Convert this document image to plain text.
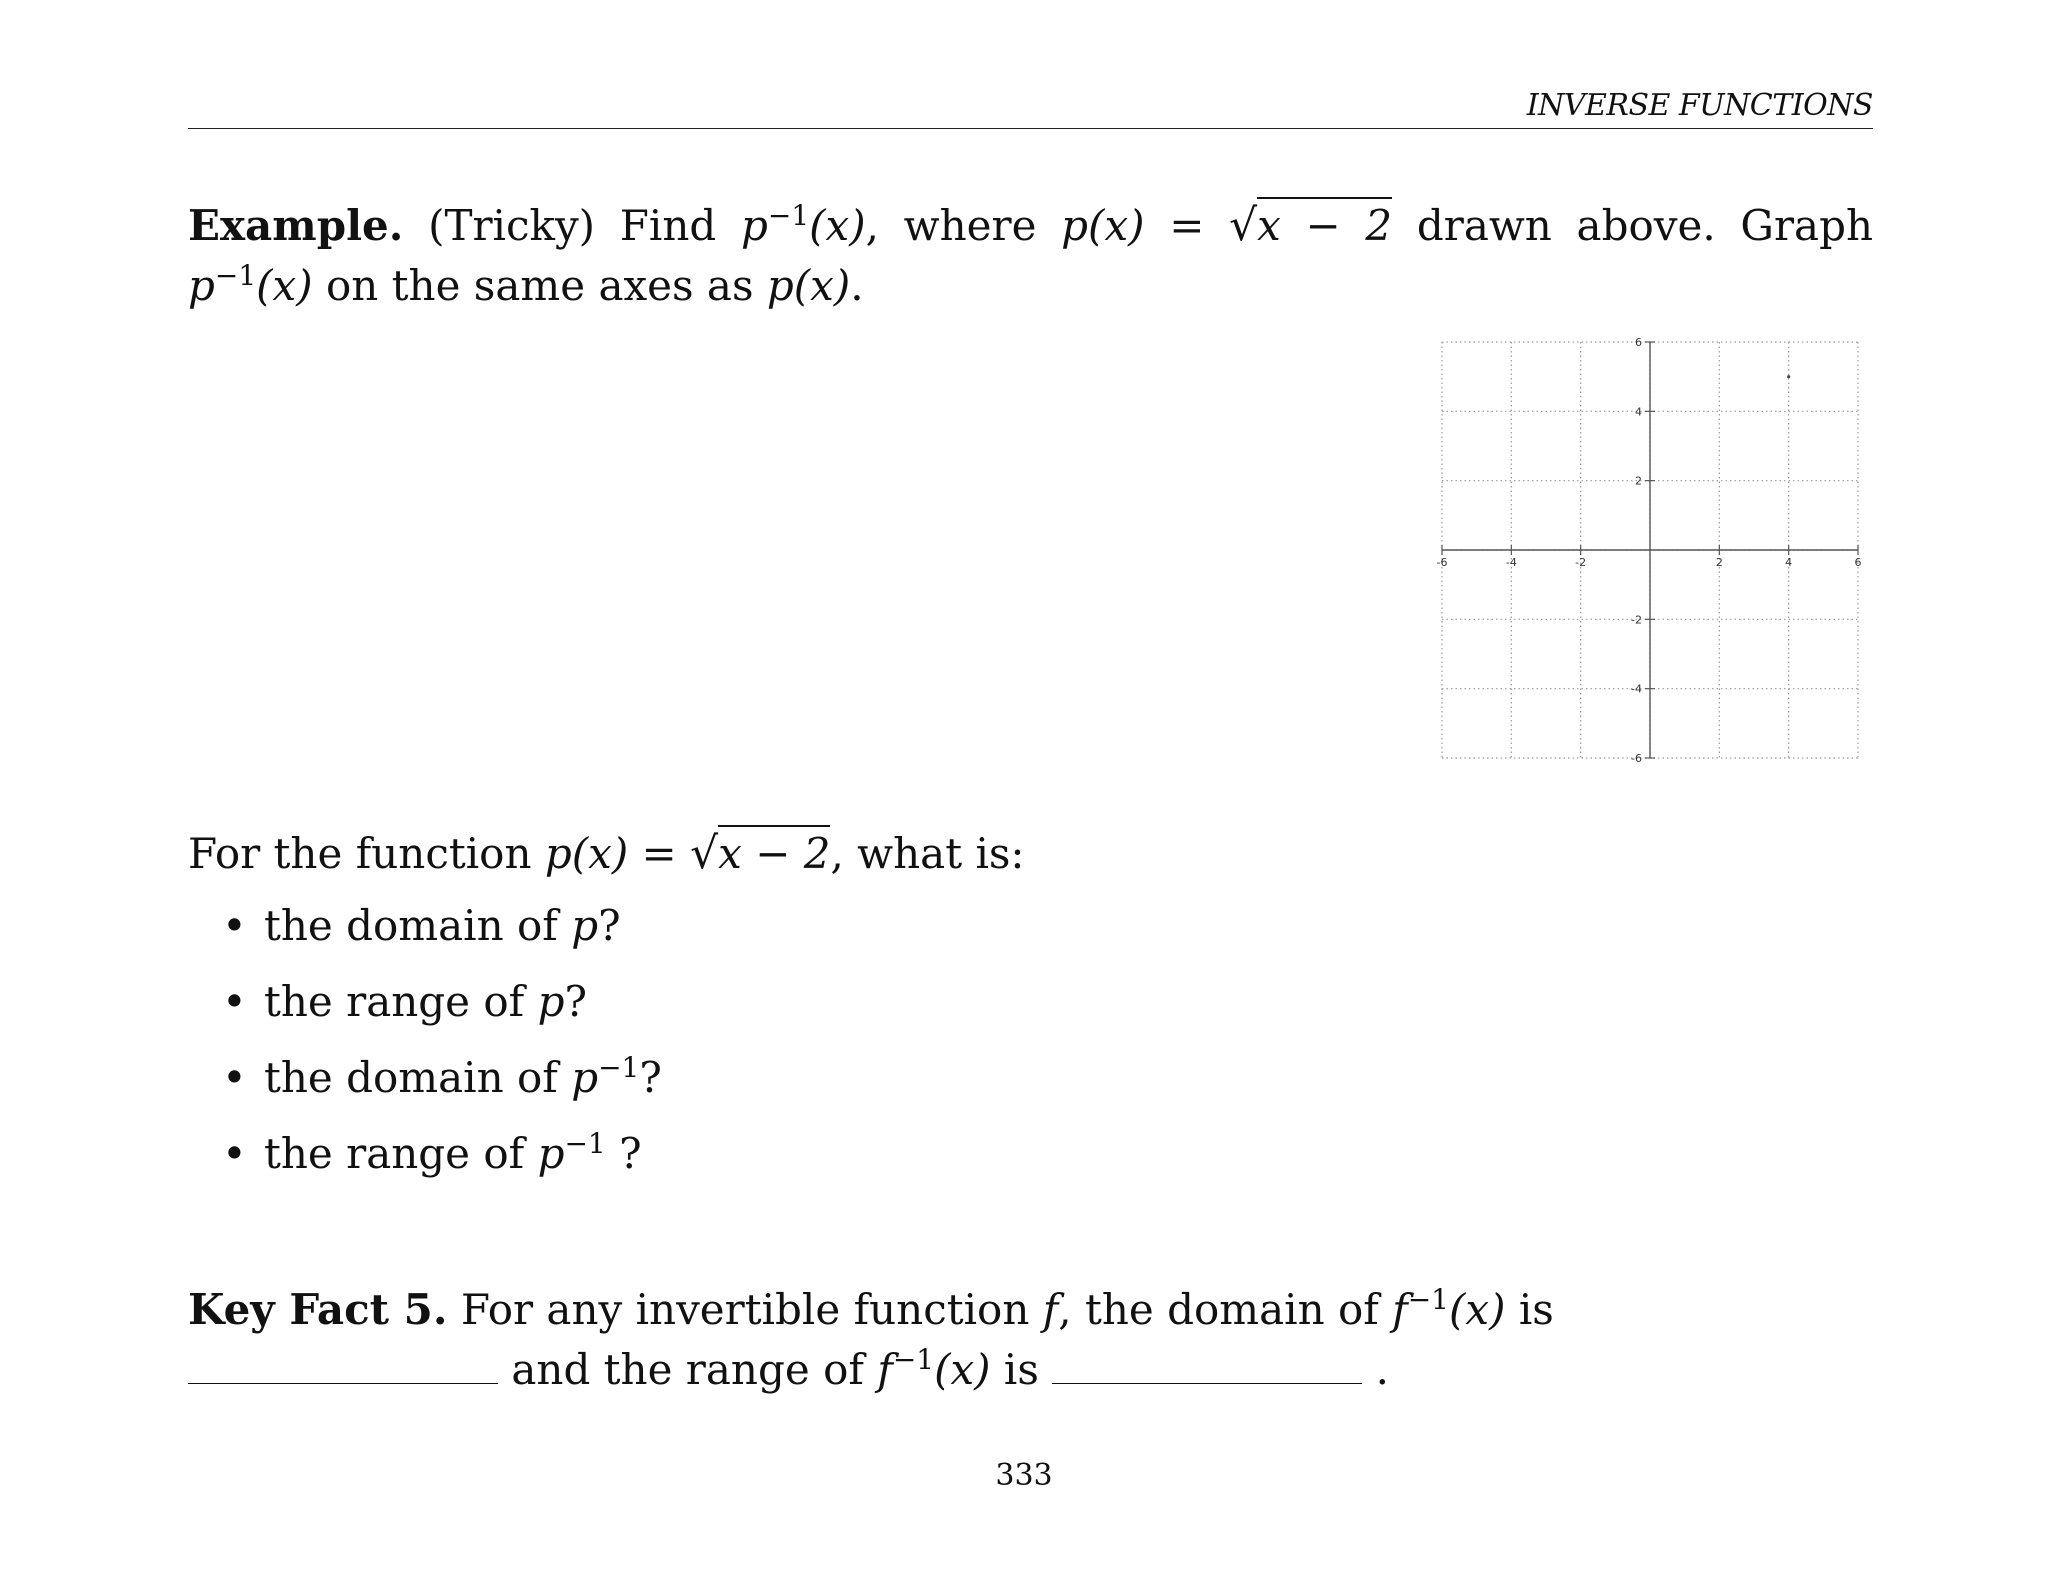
INVERSE FUNCTIONS
Example. (Tricky) Find $p^{-1}(x)$, where p(x) = √x − 2 drawn above. Graph $p^{-1}(x)$ on the same axes as p(x).
-6	-4	-2	2	4	6
6
4
2
-2
-4
-6
For the function p(x) = √x − 2, what is:
• the domain of p?
• the range of p?
• the domain of $p^{-1}$?
• the range of $p^{-1}$ ?
Key Fact 5. For any invertible function f, the domain of $f^{-1}(x)$ is  and the range of $f^{-1}(x)$ is	.
333
